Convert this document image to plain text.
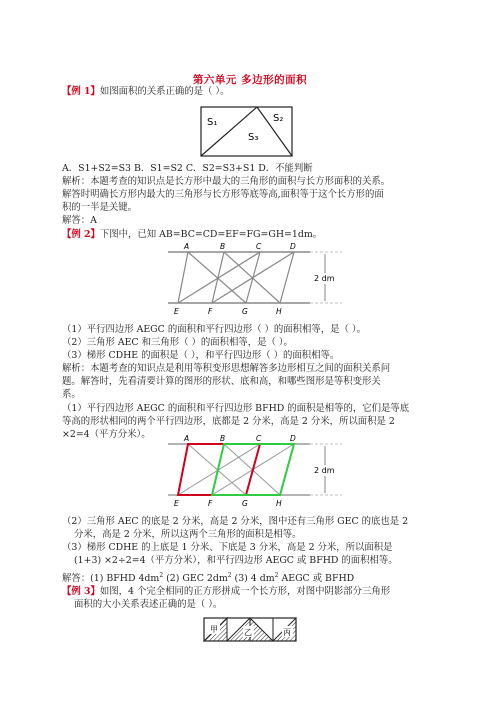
第六单元 多边形的面积
【例 1】如图面积的关系正确的是（ ）。
S₁	S₂
S₃
A．S1+S2=S3 B．S1=S2 C．S2=S3+S1 D．不能判断
解析：本题考查的知识点是长方形中最大的三角形的面积与长方形面积的关系。
解答时明确长方形内最大的三角形与长方形等底等高,面积等于这个长方形的面
积的一半是关键。
解答：A
【例 2】下图中，已知 AB=BC=CD=EF=FG=GH=1dm。
A	B	C	D
E	F	G	H
2 dm
（1）平行四边形 AEGC 的面积和平行四边形（ ）的面积相等，是（ ）。
（2）三角形 AEC 和三角形（ ）的面积相等，是（ ）。
（3）梯形 CDHE 的面积是（ ），和平行四边形（ ）的面积相等。
解析：本题考查的知识点是利用等积变形思想解答多边形相互之间的面积关系问
题。解答时，先看清要计算的图形的形状、底和高，和哪些图形是等积变形关
系。
（1）平行四边形 AEGC 的面积和平行四边形 BFHD 的面积是相等的，它们是等底
等高的形状相同的两个平行四边形，底都是 2 分米，高是 2 分米，所以面积是 2
×2=4（平方分米）。	A	B	C	D
E	F	G	H
2 dm
（2）三角形 AEC 的底是 2 分米，高是 2 分米，图中还有三角形 GEC 的底也是 2
分米，高是 2 分米，所以这两个三角形的面积是相等。
（3）梯形 CDHE 的上底是 1 分米、下底是 3 分米，高是 2 分米，所以面积是
(1+3) ×2÷2=4（平方分米），和平行四边形 AEGC 或 BFHD 的面积相等。
解答：(1) BFHD $4dm^2$ (2) GEC $2dm^2$ (3) 4 $dm^2$ AEGC 或 BFHD
【例 3】如图，4 个完全相同的正方形拼成一个长方形，对图中阴影部分三角形
面积的大小关系表述正确的是（ ）。
甲	乙	丙
